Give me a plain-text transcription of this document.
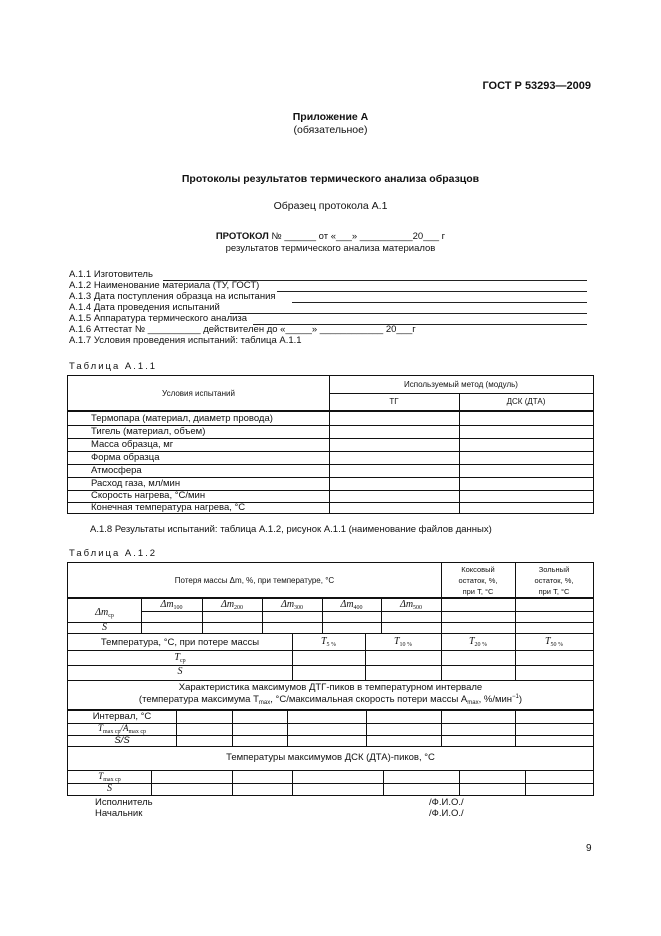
ГОСТ Р 53293—2009
Приложение А
(обязательное)
Протоколы результатов термического анализа образцов
Образец протокола А.1
ПРОТОКОЛ № ______ от «___» __________20___ г
результатов термического анализа материалов
А.1.1 Изготовитель
А.1.2 Наименование материала (ТУ, ГОСТ)
А.1.3 Дата поступления образца на испытания
А.1.4 Дата проведения испытаний
А.1.5 Аппаратура термического анализа
А.1.6 Аттестат № __________ действителен до «_____» ____________ 20___г
А.1.7 Условия проведения испытаний: таблица А.1.1
Таблица А.1.1
Условия испытаний
Используемый метод (модуль)
ТГ	ДСК (ДТА)
Термопара (материал, диаметр провода)
Тигель (материал, объем)
Масса образца, мг
Форма образца
Атмосфера
Расход газа, мл/мин
Скорость нагрева, °С/мин
Конечная температура нагрева, °С
А.1.8 Результаты испытаний: таблица А.1.2, рисунок А.1.1 (наименование файлов данных)
Таблица А.1.2
Потеря массы Δm, %, при температуре, °С
Коксовый
остаток, %,
при T, °С
Зольный
остаток, %,
при T, °С
$\Delta m_{100}$	$\Delta m_{200}$	$\Delta m_{300}$	$\Delta m_{400}$	$\Delta m_{500}$
$\Delta m_{ср}$
S
Температура, °С, при потере массы	$T_{5 \%}$	$T_{10 \%}$	$T_{20 \%}$	$T_{50 \%}$
$T_{ср}$
S
Характеристика максимумов ДТГ-пиков в температурном интервале
(температура максимума $T_{max}$, °С/максимальная скорость потери массы $A_{max}$, %/мин$^{-1}$)
Интервал, °С
$T_{max ср}/A_{max ср}$
S/S
Температуры максимумов ДСК (ДТА)-пиков, °С
$T_{max ср}$
S
Исполнитель	/Ф.И.О./
Начальник	/Ф.И.О./
9
